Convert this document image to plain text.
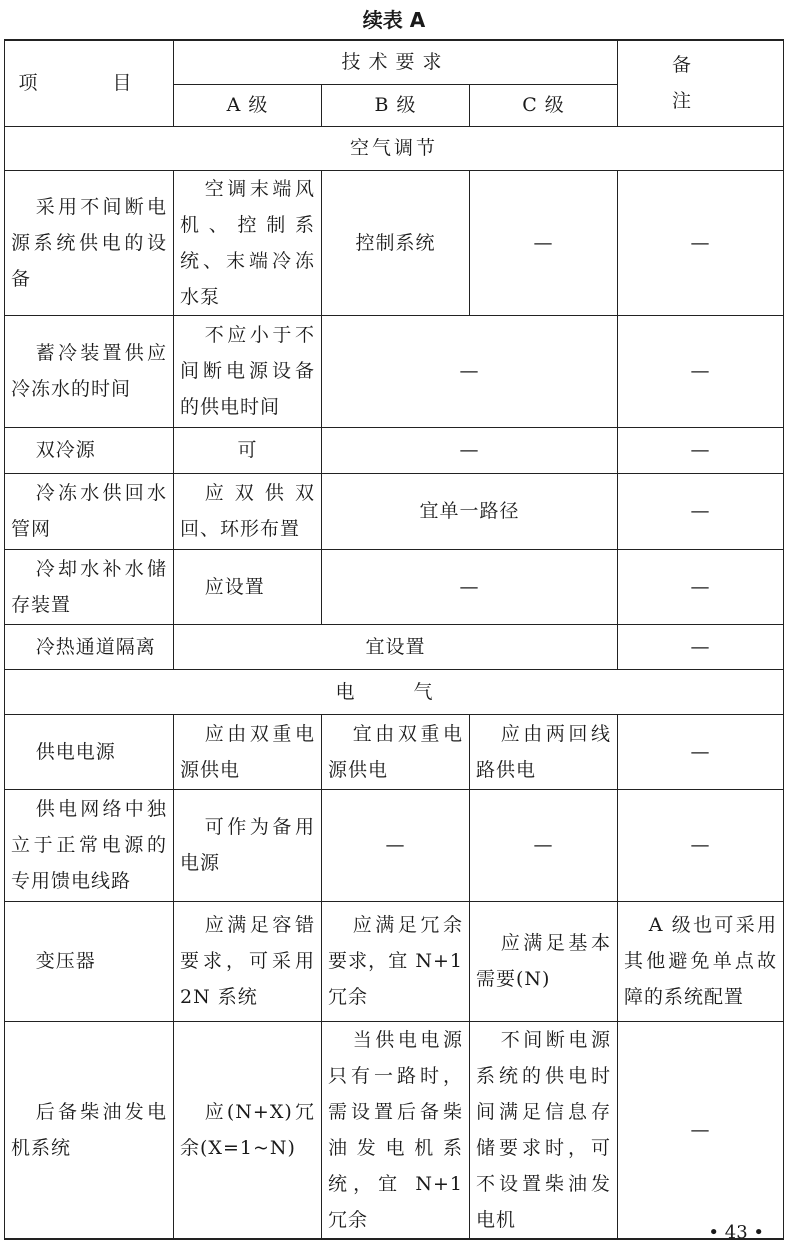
续表 A
项　目	技术要求			备　注
	A 级	B 级	C 级	
空气调节				
采用不间断电源系统供电的设备	空调末端风机、控制系统、末端冷冻水泵	控制系统	—	—
蓄冷装置供应冷冻水的时间	不应小于不间断电源设备的供电时间	—		—
双冷源	可	—		—
冷冻水供回水管网	应双供双回、环形布置	宜单一路径		—
冷却水补水储存装置	应设置	—		—
冷热通道隔离	宜设置			—
电　气				
供电电源	应由双重电源供电	宜由双重电源供电	应由两回线路供电	—
供电网络中独立于正常电源的专用馈电线路	可作为备用电源	—	—	—
变压器	应满足容错要求，可采用 2N 系统	应满足冗余要求，宜 N+1 冗余	应满足基本需要(N)	A 级也可采用其他避免单点故障的系统配置
后备柴油发电机系统	应(N+X)冗余(X=1~N)	当供电电源只有一路时，需设置后备柴油发电机系统，宜 N+1 冗余	不间断电源系统的供电时间满足信息存储要求时，可不设置柴油发电机	—
• 43 •
